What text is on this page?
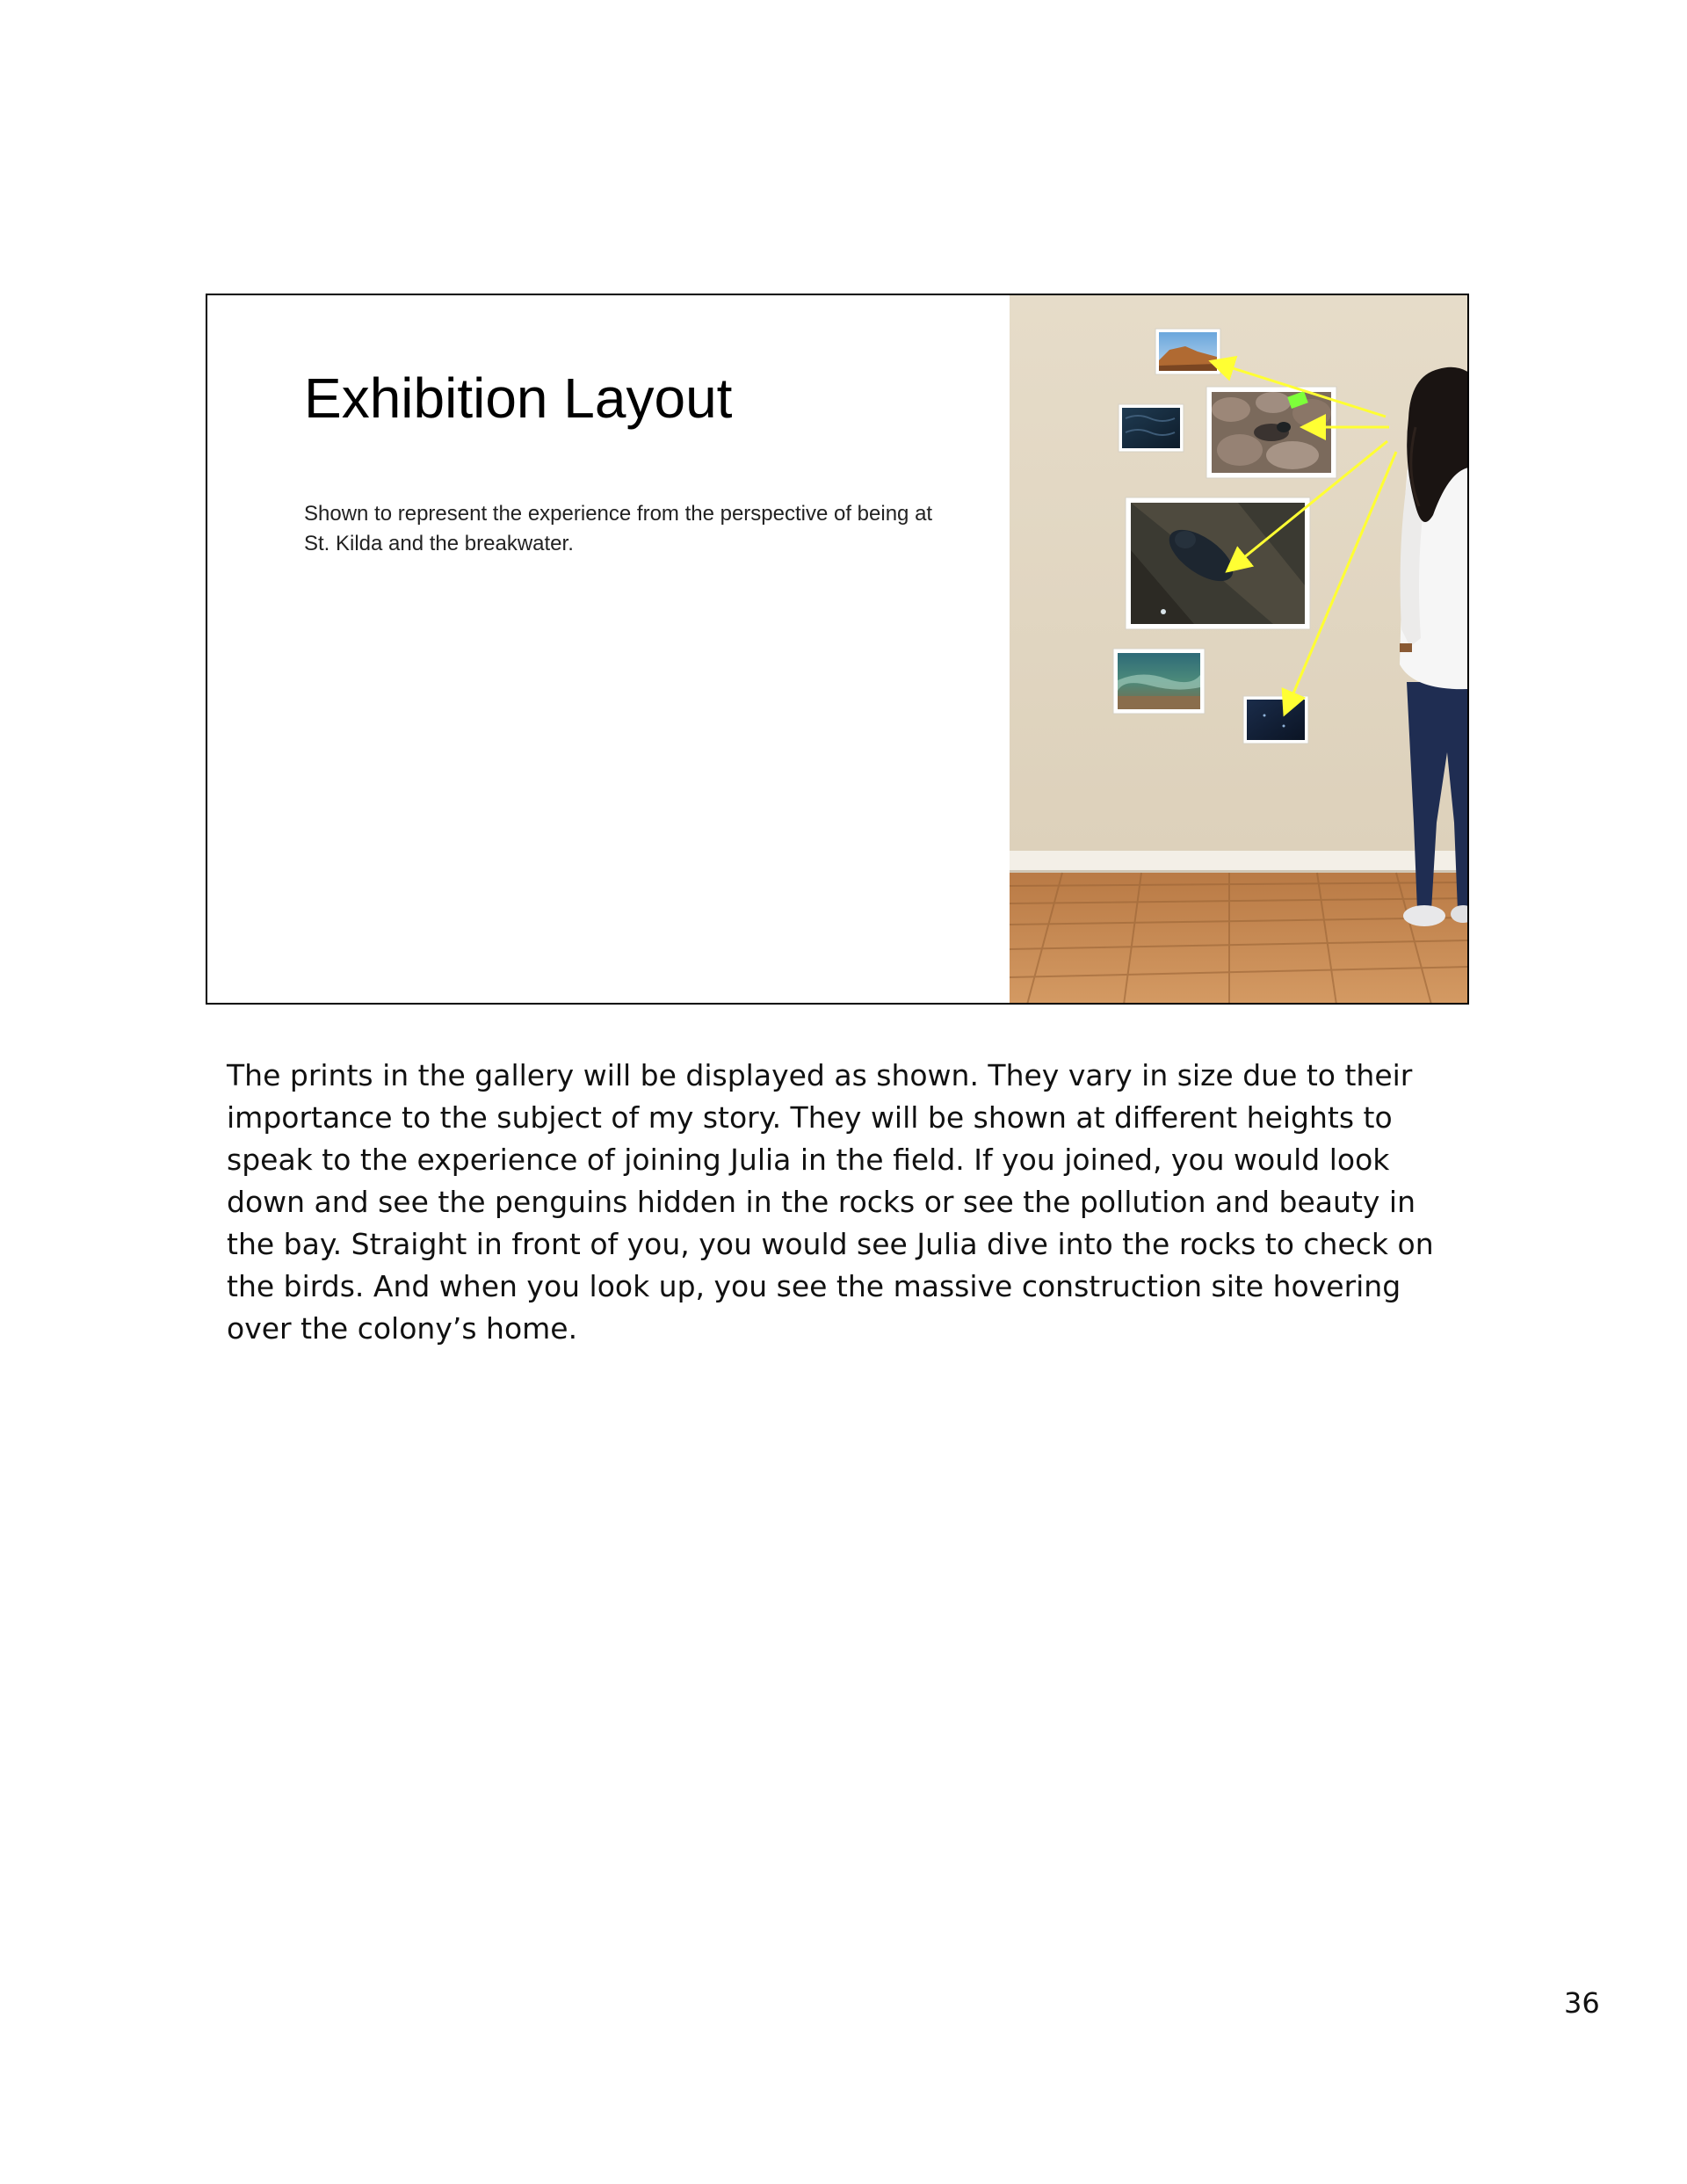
Exhibition Layout

Shown to represent the experience from the perspective of being at St. Kilda and the breakwater.

The prints in the gallery will be displayed as shown. They vary in size due to their importance to the subject of my story. They will be shown at different heights to speak to the experience of joining Julia in the field. If you joined, you would look down and see the penguins hidden in the rocks or see the pollution and beauty in the bay. Straight in front of you, you would see Julia dive into the rocks to check on the birds. And when you look up, you see the massive construction site hovering over the colony’s home.

36
